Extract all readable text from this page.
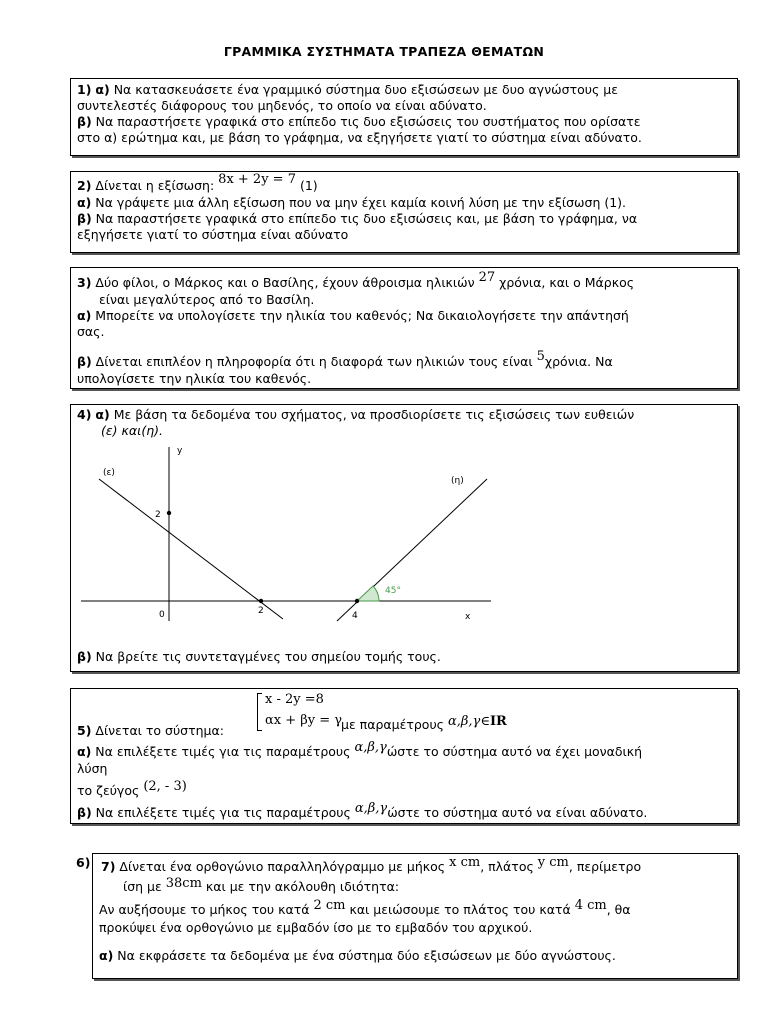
ΓΡΑΜΜΙΚΑ ΣΥΣΤΗΜΑΤΑ ΤΡΑΠΕΖΑ ΘΕΜΑΤΩΝ
1) α) Να κατασκευάσετε ένα γραμμικό σύστημα δυο εξισώσεων με δυο αγνώστους με
συντελεστές διάφορους του μηδενός, το οποίο να είναι αδύνατο.
β) Να παραστήσετε γραφικά στο επίπεδο τις δυο εξισώσεις του συστήματος που ορίσατε
στο α) ερώτημα και, με βάση το γράφημα, να εξηγήσετε γιατί το σύστημα είναι αδύνατο.
2) Δίνεται η εξίσωση: 8x + 2y = 7 (1)
α) Να γράψετε μια άλλη εξίσωση που να μην έχει καμία κοινή λύση με την εξίσωση (1).
β) Να παραστήσετε γραφικά στο επίπεδο τις δυο εξισώσεις και, με βάση το γράφημα, να
εξηγήσετε γιατί το σύστημα είναι αδύνατο
3) Δύο φίλοι, ο Μάρκος και ο Βασίλης, έχουν άθροισμα ηλικιών 27 χρόνια, και ο Μάρκος
είναι μεγαλύτερος από το Βασίλη.
α) Μπορείτε να υπολογίσετε την ηλικία του καθενός; Να δικαιολογήσετε την απάντησή
σας.
β) Δίνεται επιπλέον η πληροφορία ότι η διαφορά των ηλικιών τους είναι 5χρόνια. Να
υπολογίσετε την ηλικία του καθενός.
4) α) Με βάση τα δεδομένα του σχήματος, να προσδιορίσετε τις εξισώσεις των ευθειών
(ε) και(η).
y
x
0
(ε)
(η)
2
2	4
45°
β) Να βρείτε τις συντεταγμένες του σημείου τομής τους.
x - 2y =8
αx + βy = γ
5) Δίνεται το σύστημα:	με παραμέτρους α,β,γ∈IR
α) Να επιλέξετε τιμές για τις παραμέτρους α,β,γώστε το σύστημα αυτό να έχει μοναδική
λύση
το ζεύγος (2, - 3)
β) Να επιλέξετε τιμές για τις παραμέτρους α,β,γώστε το σύστημα αυτό να είναι αδύνατο.
6) 7) Δίνεται ένα ορθογώνιο παραλληλόγραμμο με μήκος x cm, πλάτος y cm, περίμετρο
ίση με 38cm και με την ακόλουθη ιδιότητα:
Αν αυξήσουμε το μήκος του κατά 2 cm και μειώσουμε το πλάτος του κατά 4 cm, θα
προκύψει ένα ορθογώνιο με εμβαδόν ίσο με το εμβαδόν του αρχικού.
α) Να εκφράσετε τα δεδομένα με ένα σύστημα δύο εξισώσεων με δύο αγνώστους.
